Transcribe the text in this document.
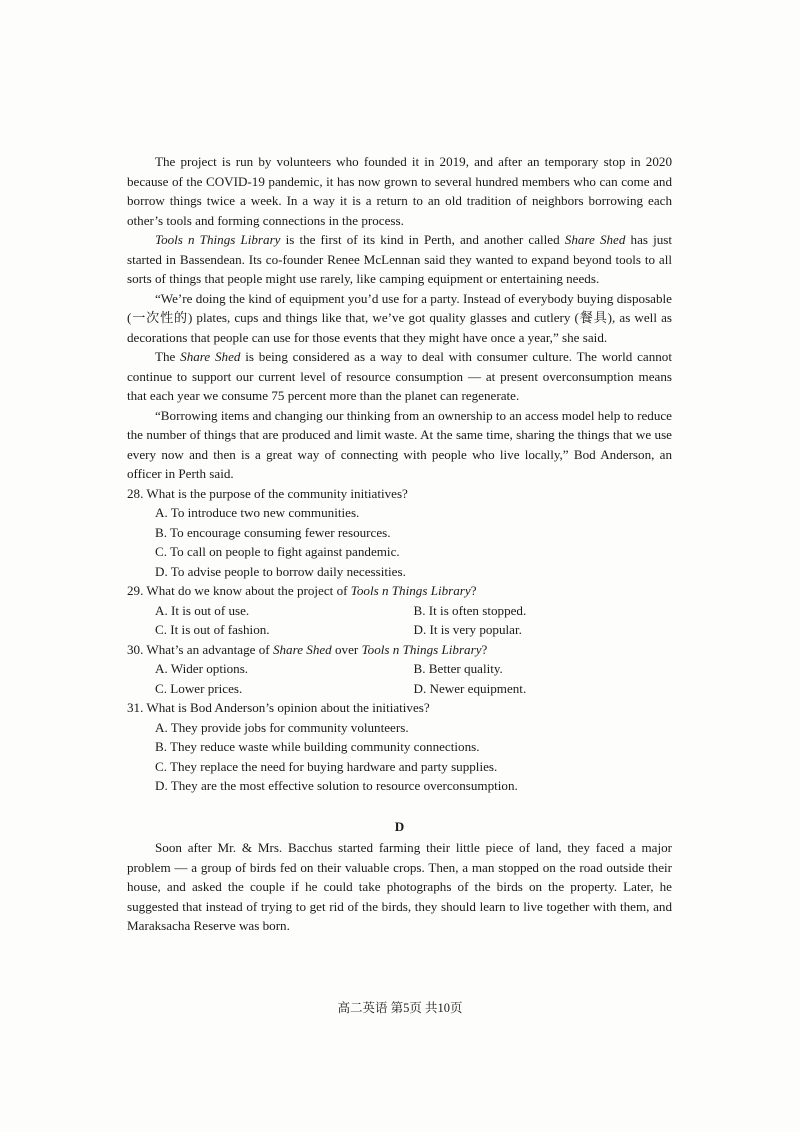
The project is run by volunteers who founded it in 2019, and after an temporary stop in 2020 because of the COVID-19 pandemic, it has now grown to several hundred members who can come and borrow things twice a week. In a way it is a return to an old tradition of neighbors borrowing each other’s tools and forming connections in the process.

Tools n Things Library is the first of its kind in Perth, and another called Share Shed has just started in Bassendean. Its co-founder Renee McLennan said they wanted to expand beyond tools to all sorts of things that people might use rarely, like camping equipment or entertaining needs.

“We’re doing the kind of equipment you’d use for a party. Instead of everybody buying disposable (一次性的) plates, cups and things like that, we’ve got quality glasses and cutlery (餐具), as well as decorations that people can use for those events that they might have once a year,” she said.

The Share Shed is being considered as a way to deal with consumer culture. The world cannot continue to support our current level of resource consumption — at present overconsumption means that each year we consume 75 percent more than the planet can regenerate.

“Borrowing items and changing our thinking from an ownership to an access model help to reduce the number of things that are produced and limit waste. At the same time, sharing the things that we use every now and then is a great way of connecting with people who live locally,” Bod Anderson, an officer in Perth said.

28. What is the purpose of the community initiatives?

A. To introduce two new communities.

B. To encourage consuming fewer resources.

C. To call on people to fight against pandemic.

D. To advise people to borrow daily necessities.

29. What do we know about the project of Tools n Things Library?

A. It is out of use.	B. It is often stopped.
C. It is out of fashion.	D. It is very popular.

30. What’s an advantage of Share Shed over Tools n Things Library?

A. Wider options.	B. Better quality.
C. Lower prices.	D. Newer equipment.

31. What is Bod Anderson’s opinion about the initiatives?

A. They provide jobs for community volunteers.

B. They reduce waste while building community connections.

C. They replace the need for buying hardware and party supplies.

D. They are the most effective solution to resource overconsumption.

D

Soon after Mr. & Mrs. Bacchus started farming their little piece of land, they faced a major problem — a group of birds fed on their valuable crops. Then, a man stopped on the road outside their house, and asked the couple if he could take photographs of the birds on the property. Later, he suggested that instead of trying to get rid of the birds, they should learn to live together with them, and Maraksacha Reserve was born.

高二英语 第5页 共10页
